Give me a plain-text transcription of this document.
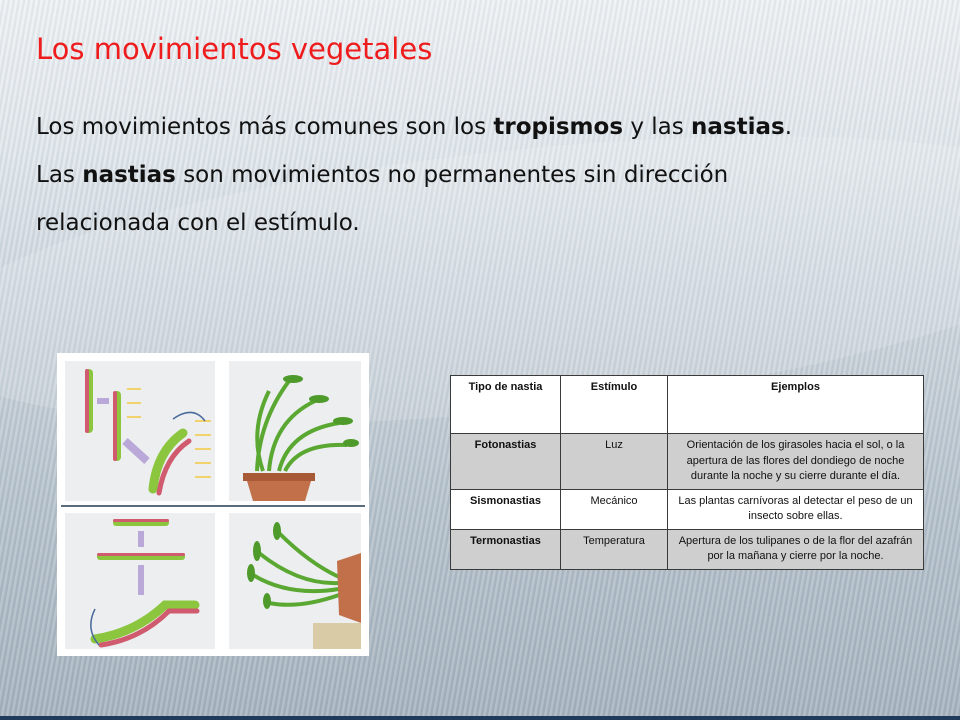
Los movimientos vegetales
Los movimientos más comunes son los tropismos y las nastias.
Las nastias son movimientos no permanentes sin dirección
relacionada con el estímulo.
Tipo de nastia	Estímulo	Ejemplos
Fotonastias	Luz	Orientación de los girasoles hacia el sol, o la apertura de las flores del dondiego de noche durante la noche y su cierre durante el día.
Sismonastias	Mecánico	Las plantas carnívoras al detectar el peso de un insecto sobre ellas.
Termonastias	Temperatura	Apertura de los tulipanes o de la flor del azafrán por la mañana y cierre por la noche.
